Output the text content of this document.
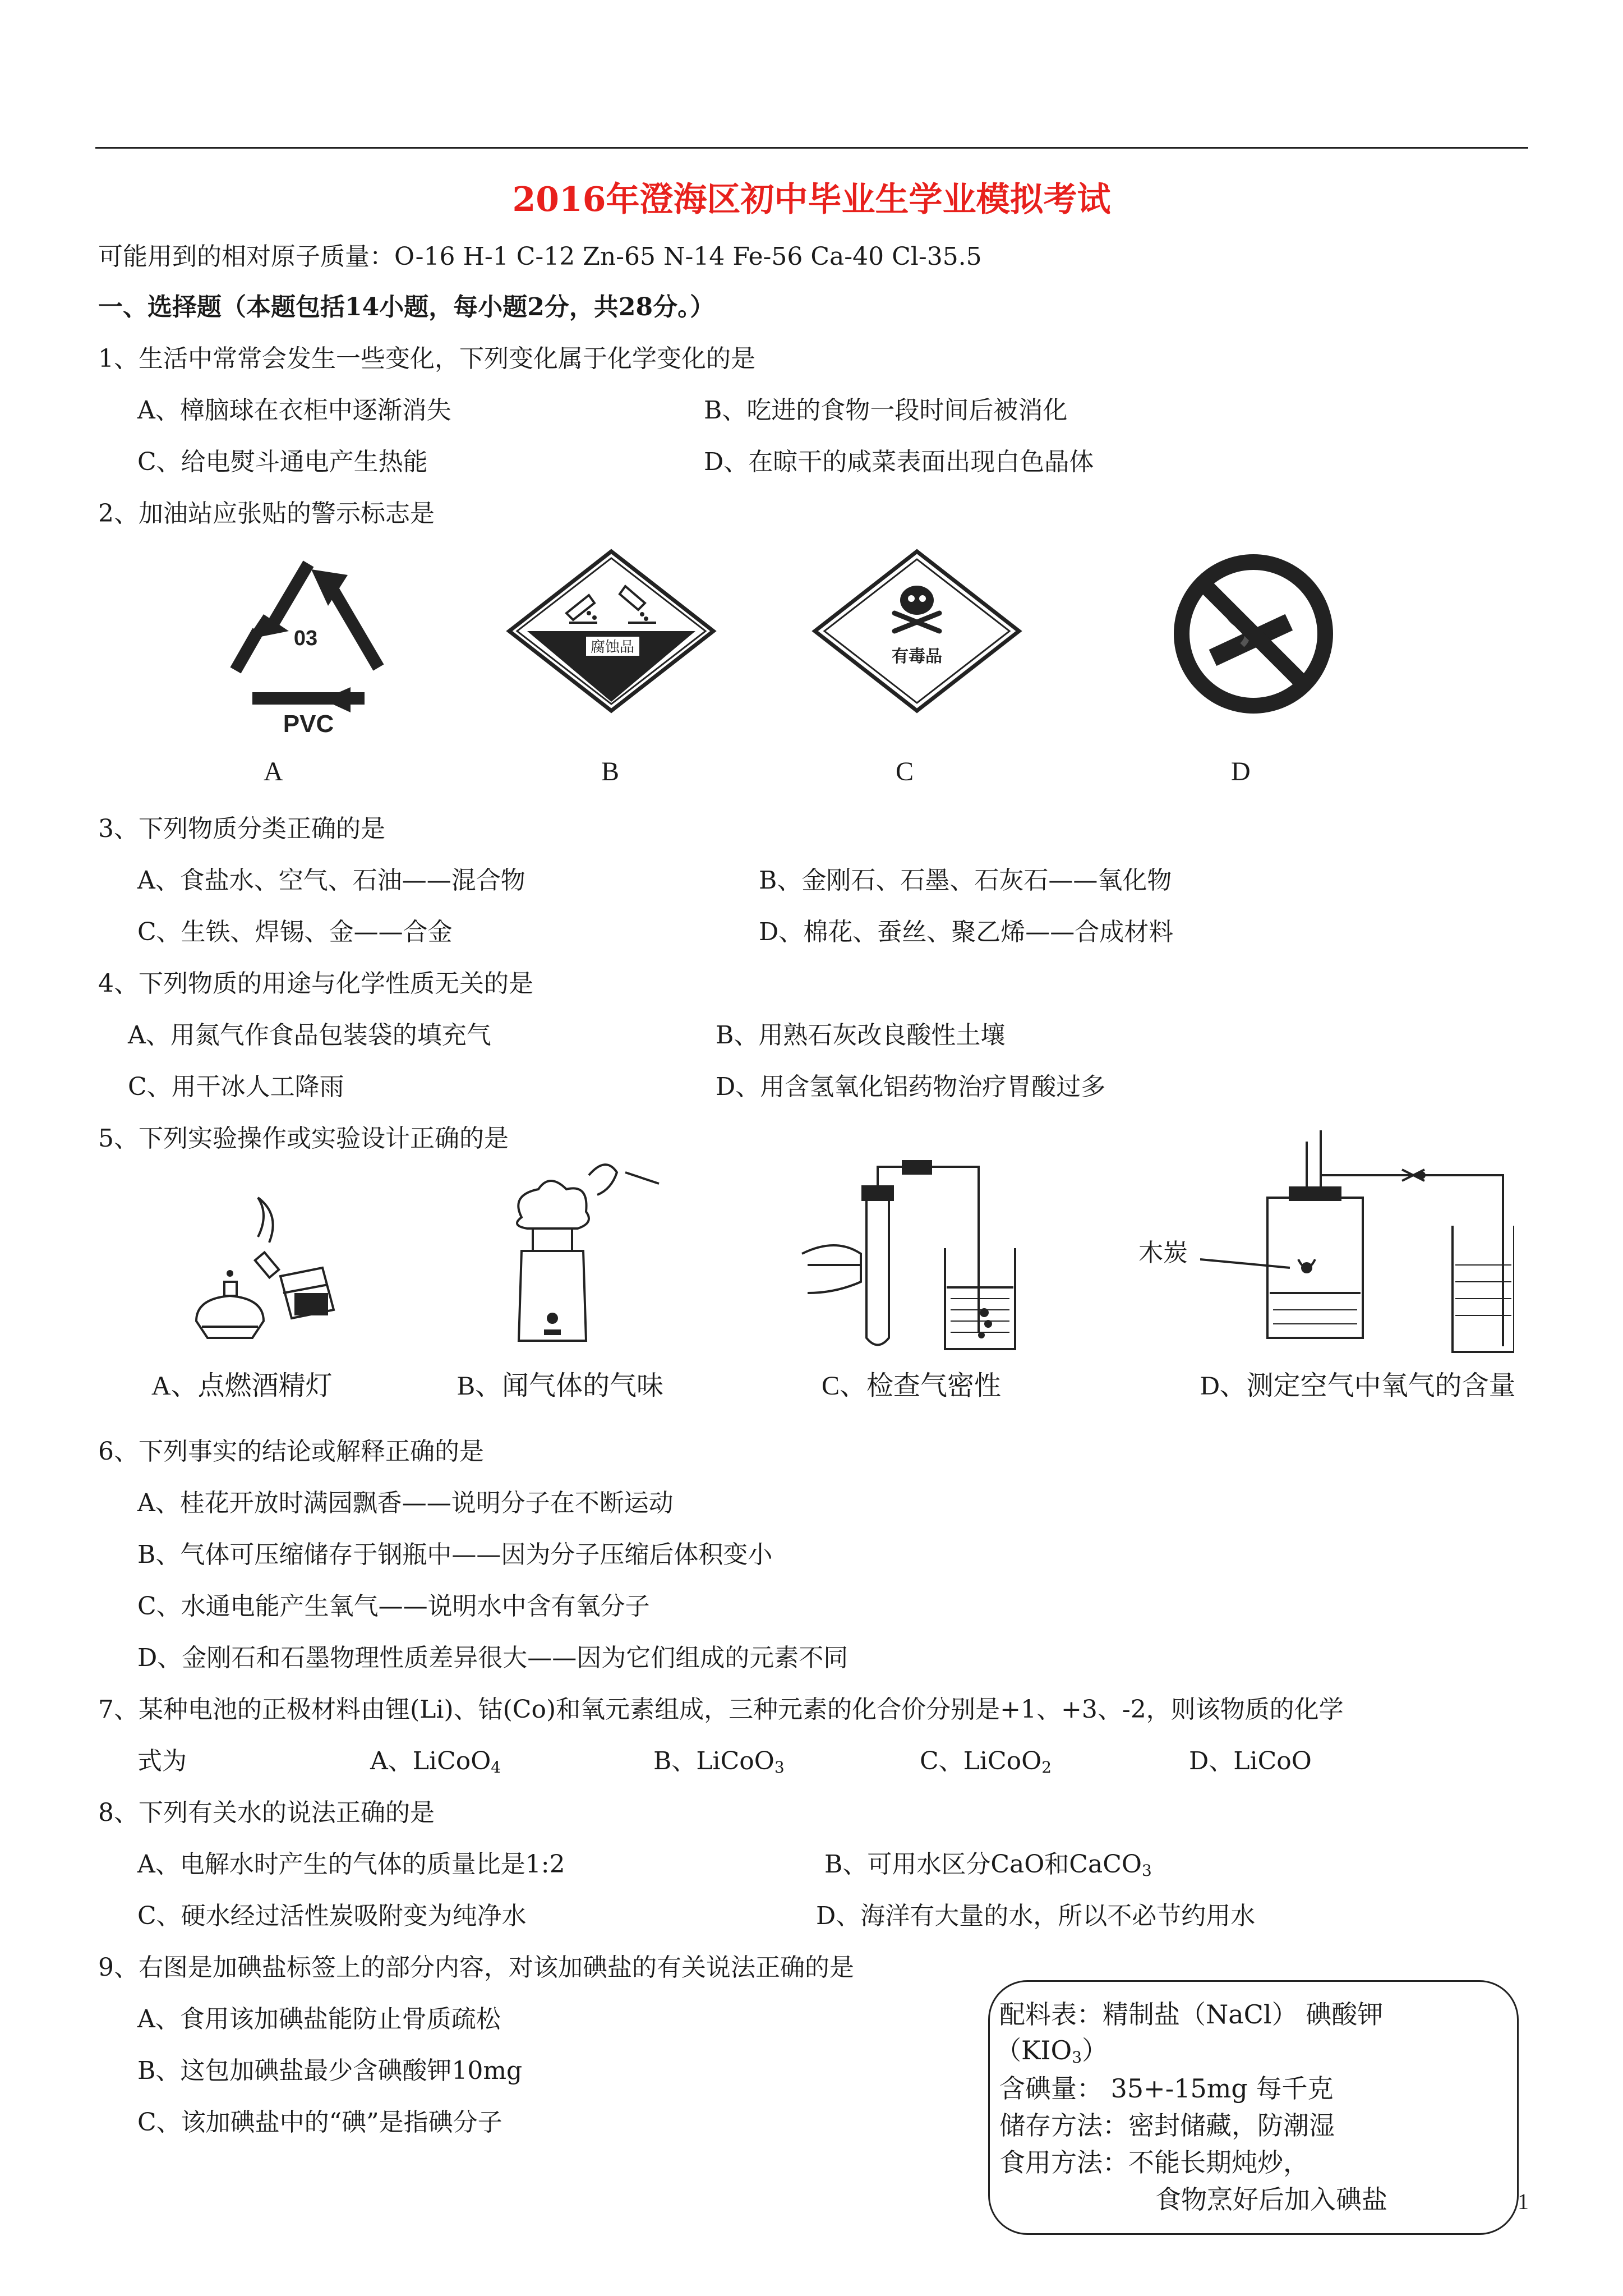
2016年澄海区初中毕业生学业模拟考试
可能用到的相对原子质量：O-16 H-1 C-12 Zn-65 N-14 Fe-56 Ca-40 Cl-35.5
一、选择题（本题包括14小题，每小题2分，共28分。）
1、生活中常常会发生一些变化，下列变化属于化学变化的是
A、樟脑球在衣柜中逐渐消失	B、吃进的食物一段时间后被消化
C、给电熨斗通电产生热能	D、在晾干的咸菜表面出现白色晶体
2、加油站应张贴的警示标志是
03
PVC
腐蚀品	有毒品
A	B	C	D
3、下列物质分类正确的是
A、食盐水、空气、石油——混合物	B、金刚石、石墨、石灰石——氧化物
C、生铁、焊锡、金——合金	D、棉花、蚕丝、聚乙烯——合成材料
4、下列物质的用途与化学性质无关的是
A、用氮气作食品包装袋的填充气	B、用熟石灰改良酸性土壤
C、用干冰人工降雨	D、用含氢氧化铝药物治疗胃酸过多
5、下列实验操作或实验设计正确的是
木炭
A、点燃酒精灯	B、闻气体的气味	C、检查气密性	D、测定空气中氧气的含量
6、下列事实的结论或解释正确的是
A、桂花开放时满园飘香——说明分子在不断运动
B、气体可压缩储存于钢瓶中——因为分子压缩后体积变小
C、水通电能产生氧气——说明水中含有氧分子
D、金刚石和石墨物理性质差异很大——因为它们组成的元素不同
7、某种电池的正极材料由锂(Li)、钴(Co)和氧元素组成，三种元素的化合价分别是+1、+3、-2，则该物质的化学
式为	A、LiCoO$_4$	B、LiCoO$_3$	C、LiCoO$_2$	D、LiCoO
8、下列有关水的说法正确的是
A、电解水时产生的气体的质量比是1:2	B、可用水区分CaO和CaCO$_3$
C、硬水经过活性炭吸附变为纯净水	D、海洋有大量的水，所以不必节约用水
9、右图是加碘盐标签上的部分内容，对该加碘盐的有关说法正确的是
A、食用该加碘盐能防止骨质疏松
B、这包加碘盐最少含碘酸钾10mg
C、该加碘盐中的“碘”是指碘分子
配料表：精制盐（NaCl） 碘酸钾
$(KIO_3)$
含碘量： 35+-15mg 每千克
储存方法：密封储藏，防潮湿
食用方法：不能长期炖炒，
食物烹好后加入碘盐	1
